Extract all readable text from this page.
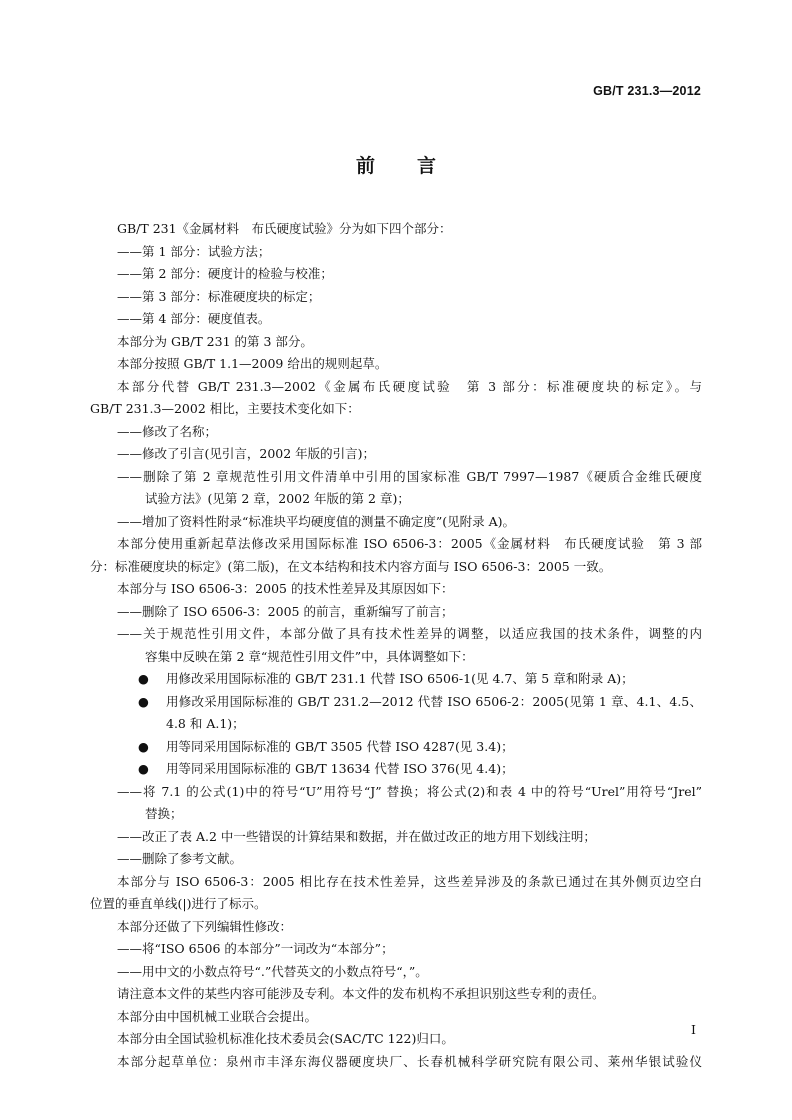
GB/T 231.3—2012
前言
GB/T 231《金属材料　布氏硬度试验》分为如下四个部分：
——第 1 部分：试验方法；
——第 2 部分：硬度计的检验与校准；
——第 3 部分：标准硬度块的标定；
——第 4 部分：硬度值表。
本部分为 GB/T 231 的第 3 部分。
本部分按照 GB/T 1.1—2009 给出的规则起草。
本部分代替 GB/T 231.3—2002《金属布氏硬度试验　第 3 部分：标准硬度块的标定》。与
GB/T 231.3—2002 相比，主要技术变化如下：
——修改了名称；
——修改了引言(见引言，2002 年版的引言)；
——删除了第 2 章规范性引用文件清单中引用的国家标准 GB/T 7997—1987《硬质合金维氏硬度
试验方法》(见第 2 章，2002 年版的第 2 章)；
——增加了资料性附录“标准块平均硬度值的测量不确定度”(见附录 A)。
本部分使用重新起草法修改采用国际标准 ISO 6506-3：2005《金属材料　布氏硬度试验　第 3 部
分：标准硬度块的标定》(第二版)，在文本结构和技术内容方面与 ISO 6506-3：2005 一致。
本部分与 ISO 6506-3：2005 的技术性差异及其原因如下：
——删除了 ISO 6506-3：2005 的前言，重新编写了前言；
——关于规范性引用文件，本部分做了具有技术性差异的调整，以适应我国的技术条件，调整的内
容集中反映在第 2 章“规范性引用文件”中，具体调整如下：
● 用修改采用国际标准的 GB/T 231.1 代替 ISO 6506-1(见 4.7、第 5 章和附录 A)；
● 用修改采用国际标准的 GB/T 231.2—2012 代替 ISO 6506-2：2005(见第 1 章、4.1、4.5、
4.8 和 A.1)；
● 用等同采用国际标准的 GB/T 3505 代替 ISO 4287(见 3.4)；
● 用等同采用国际标准的 GB/T 13634 代替 ISO 376(见 4.4)；
——将 7.1 的公式(1)中的符号“U”用符号“J” 替换；将公式(2)和表 4 中的符号“Urel”用符号“Jrel”
替换；
——改正了表 A.2 中一些错误的计算结果和数据，并在做过改正的地方用下划线注明；
——删除了参考文献。
本部分与 ISO 6506-3：2005 相比存在技术性差异，这些差异涉及的条款已通过在其外侧页边空白
位置的垂直单线(|)进行了标示。
本部分还做了下列编辑性修改：
——将“ISO 6506 的本部分”一词改为“本部分”；
——用中文的小数点符号“.”代替英文的小数点符号“，”。
请注意本文件的某些内容可能涉及专利。本文件的发布机构不承担识别这些专利的责任。
本部分由中国机械工业联合会提出。
本部分由全国试验机标准化技术委员会(SAC/TC 122)归口。
本部分起草单位：泉州市丰泽东海仪器硬度块厂、长春机械科学研究院有限公司、莱州华银试验仪
I
